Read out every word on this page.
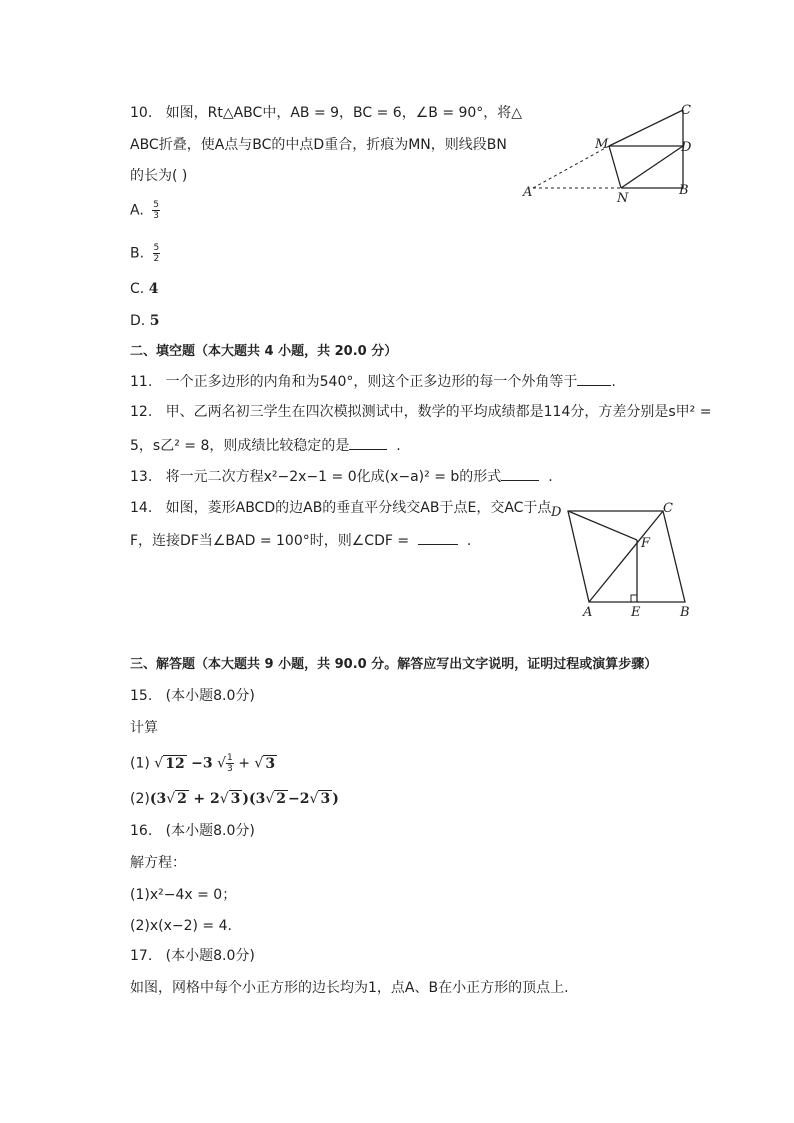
10. 如图，Rt△ABC中，AB = 9，BC = 6，∠B = 90°，将△
ABC折叠，使A点与BC的中点D重合，折痕为MN，则线段BN
的长为( )
A. $\frac{5}{3}$
B. $\frac{5}{2}$
C. 4
D. 5
C
M	D
A	N
B
二、填空题（本大题共 4 小题，共 20.0 分）
11. 一个正多边形的内角和为540°，则这个正多边形的每一个外角等于 .
12. 甲、乙两名初三学生在四次模拟测试中，数学的平均成绩都是114分，方差分别是s甲² =
5，s乙² = 8，则成绩比较稳定的是	.
13. 将一元二次方程x²−2x−1 = 0化成(x−a)² = b的形式	.
14. 如图，菱形ABCD的边AB的垂直平分线交AB于点E，交AC于点
F，连接DF当∠BAD = 100°时，则∠CDF =	.
D	C
F
A	E	B
三、解答题（本大题共 9 小题，共 90.0 分。解答应写出文字说明，证明过程或演算步骤）
15. (本小题8.0分)
计算
(1) √ 12 −3 √ $\frac{1}{3}$ + √ 3
(2)(3√ 2 + 2√ 3 )(3√ 2 −2√ 3 )
16. (本小题8.0分)
解方程：
(1)x²−4x = 0；
(2)x(x−2) = 4.
17. (本小题8.0分)
如图，网格中每个小正方形的边长均为1，点A、B在小正方形的顶点上.
